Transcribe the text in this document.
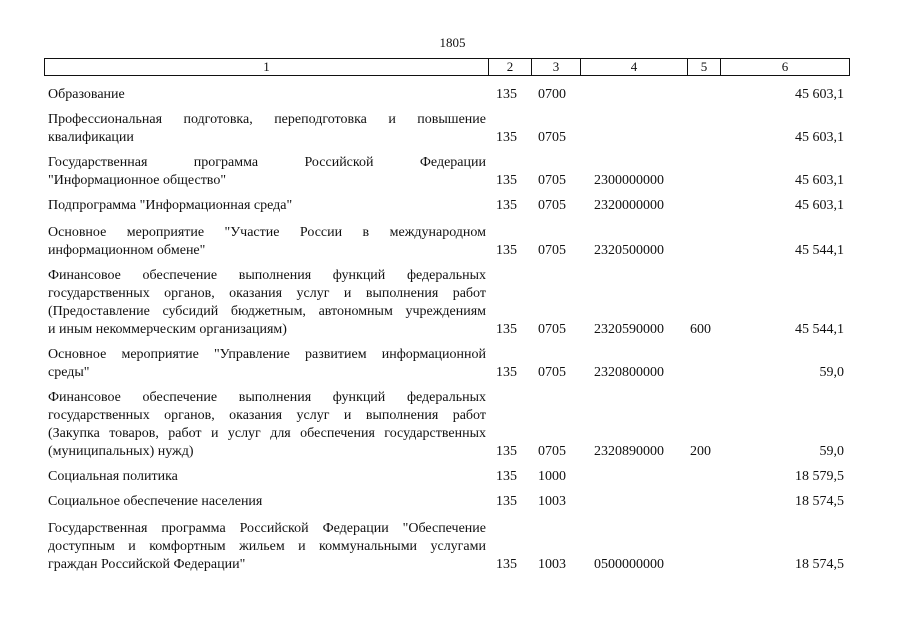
1805
1	2	3	4	5	6
Образование	135 0700	45 603,1
Профессиональная подготовка, переподготовка и повышение
квалификации	135 0705	45 603,1
Государственная программа Российской Федерации
"Информационное общество"	135 0705 2300000000	45 603,1
Подпрограмма "Информационная среда"	135 0705 2320000000	45 603,1
Основное мероприятие "Участие России в международном
информационном обмене"	135 0705 2320500000	45 544,1
Финансовое обеспечение выполнения функций федеральных
государственных органов, оказания услуг и выполнения работ
(Предоставление субсидий бюджетным, автономным учреждениям
и иным некоммерческим организациям)	135 0705 2320590000 600	45 544,1
Основное мероприятие "Управление развитием информационной
среды"	135 0705 2320800000	59,0
Финансовое обеспечение выполнения функций федеральных
государственных органов, оказания услуг и выполнения работ
(Закупка товаров, работ и услуг для обеспечения государственных
(муниципальных) нужд)	135 0705 2320890000 200	59,0
Социальная политика	135 1000	18 579,5
Социальное обеспечение населения	135 1003	18 574,5
Государственная программа Российской Федерации "Обеспечение
доступным и комфортным жильем и коммунальными услугами
граждан Российской Федерации"	135 1003 0500000000	18 574,5
